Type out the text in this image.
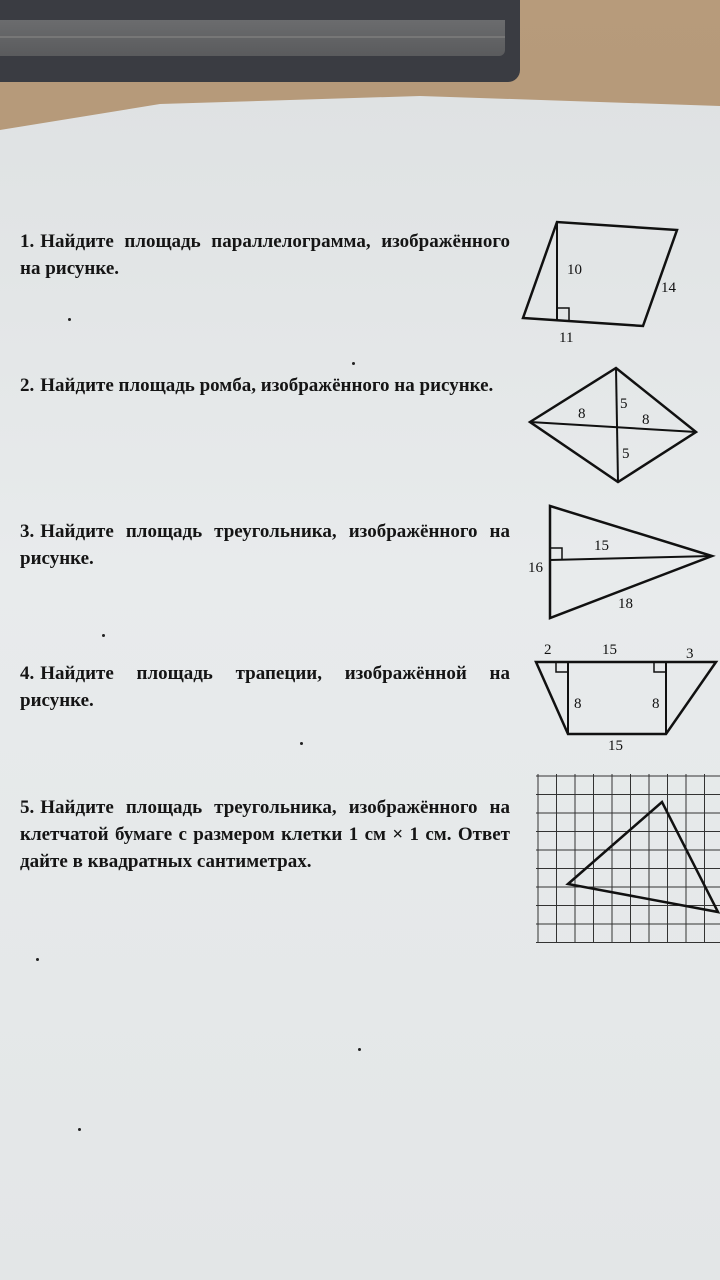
1. Найдите площадь параллелограмма, изображённого на рисунке.	10
14
11
2. Найдите площадь ромба, изображённого на рисунке.
8	8
5
5
3. Найдите площадь треугольника, изображённого на рисунке.
15
16
18
4. Найдите площадь трапеции, изображённой на рисунке.
2	15	3
8	8
15
5. Найдите площадь треугольника, изображённого на клетчатой бумаге с размером клетки 1 см × 1 см. Ответ дайте в квадратных сантиметрах.
